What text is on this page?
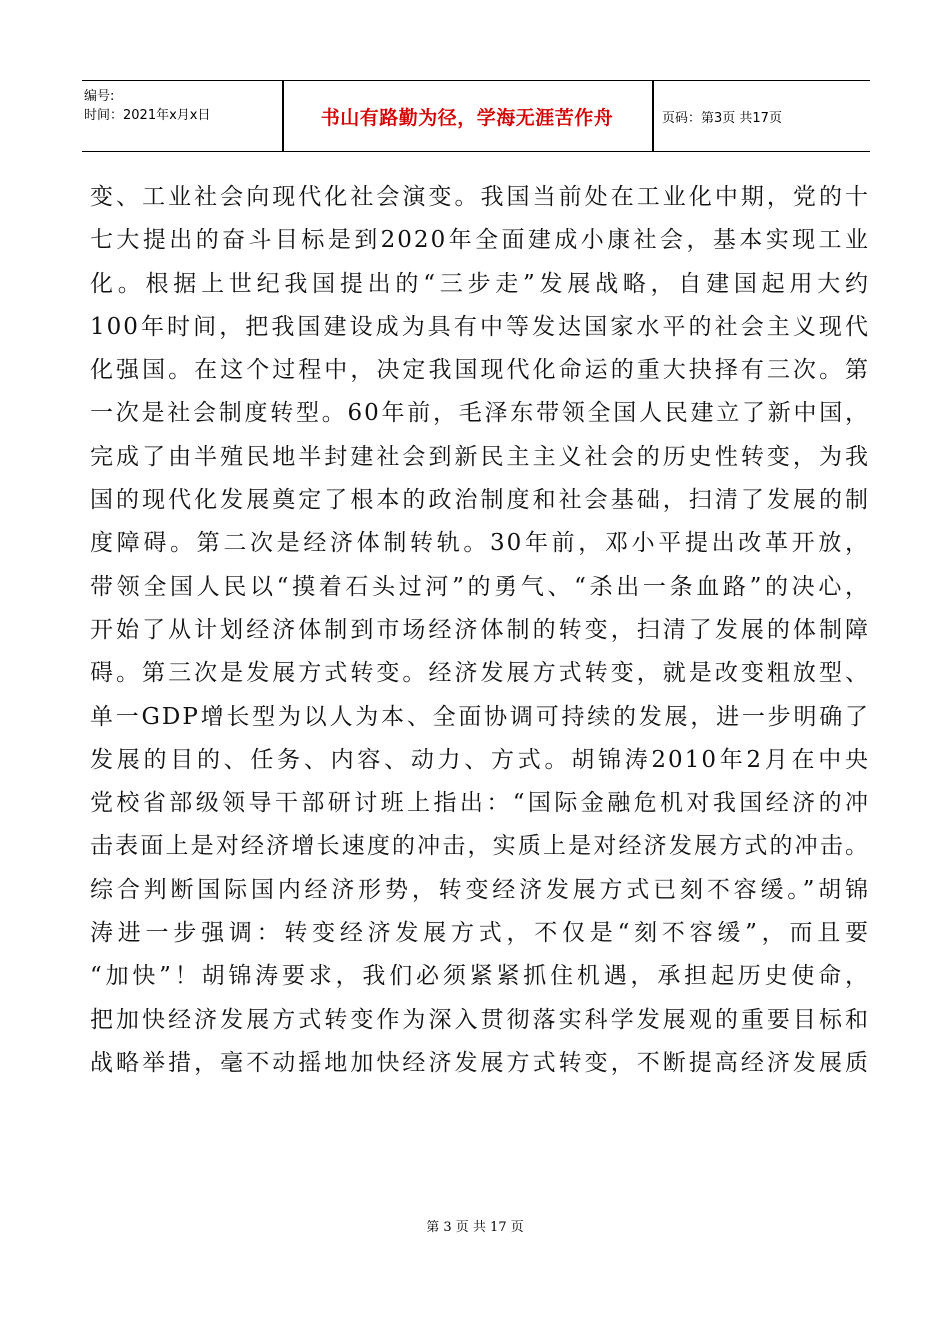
编号:
时间：2021年x月x日	书山有路勤为径，学海无涯苦作舟	页码：第3页 共17页
变、工业社会向现代化社会演变。我国当前处在工业化中期，党的十
七大提出的奋斗目标是到2020年全面建成小康社会，基本实现工业
化。根据上世纪我国提出的“三步走”发展战略，自建国起用大约
100年时间，把我国建设成为具有中等发达国家水平的社会主义现代
化强国。在这个过程中，决定我国现代化命运的重大抉择有三次。第
一次是社会制度转型。60年前，毛泽东带领全国人民建立了新中国，
完成了由半殖民地半封建社会到新民主主义社会的历史性转变，为我
国的现代化发展奠定了根本的政治制度和社会基础，扫清了发展的制
度障碍。第二次是经济体制转轨。30年前，邓小平提出改革开放，
带领全国人民以“摸着石头过河”的勇气、“杀出一条血路”的决心，
开始了从计划经济体制到市场经济体制的转变，扫清了发展的体制障
碍。第三次是发展方式转变。经济发展方式转变，就是改变粗放型、
单一GDP增长型为以人为本、全面协调可持续的发展，进一步明确了
发展的目的、任务、内容、动力、方式。胡锦涛2010年2月在中央
党校省部级领导干部研讨班上指出：“国际金融危机对我国经济的冲
击表面上是对经济增长速度的冲击，实质上是对经济发展方式的冲击。
综合判断国际国内经济形势，转变经济发展方式已刻不容缓。”胡锦
涛进一步强调：转变经济发展方式，不仅是“刻不容缓”，而且要
“加快”！胡锦涛要求，我们必须紧紧抓住机遇，承担起历史使命，
把加快经济发展方式转变作为深入贯彻落实科学发展观的重要目标和
战略举措，毫不动摇地加快经济发展方式转变，不断提高经济发展质
第 3 页 共 17 页
